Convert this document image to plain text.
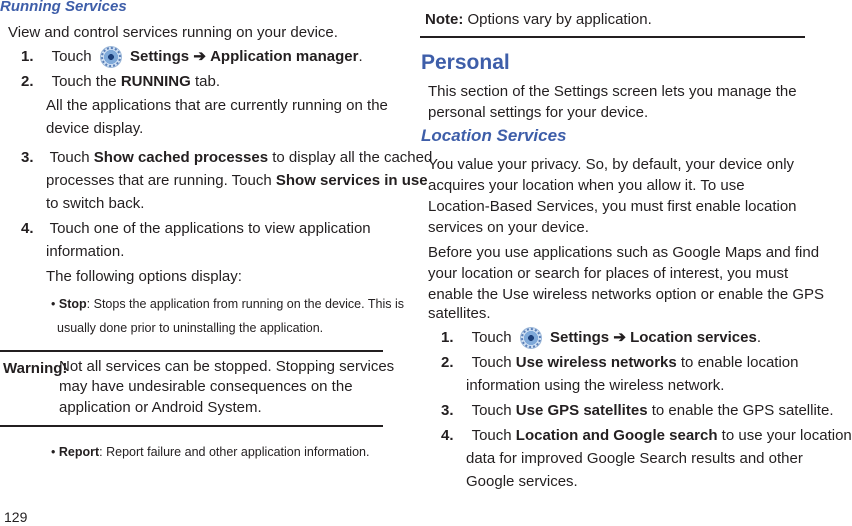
Running Services
View and control services running on your device.
1. Touch	Settings ➔ Application manager.
2. Touch the RUNNING tab.
All the applications that are currently running on the
device display.
3. Touch Show cached processes to display all the cached
processes that are running. Touch Show services in use
to switch back.
4. Touch one of the applications to view application
information.
The following options display:
• Stop: Stops the application from running on the device. This is
usually done prior to uninstalling the application.
Warning!
Not all services can be stopped. Stopping services
may have undesirable consequences on the
application or Android System.
• Report: Report failure and other application information.
129
Note: Options vary by application.
Personal
This section of the Settings screen lets you manage the
personal settings for your device.
Location Services
You value your privacy. So, by default, your device only
acquires your location when you allow it. To use
Location-Based Services, you must first enable location
services on your device.
Before you use applications such as Google Maps and find
your location or search for places of interest, you must
enable the Use wireless networks option or enable the GPS
satellites.
1. Touch	Settings ➔ Location services.
2. Touch Use wireless networks to enable location
information using the wireless network.
3. Touch Use GPS satellites to enable the GPS satellite.
4. Touch Location and Google search to use your location
data for improved Google Search results and other
Google services.
